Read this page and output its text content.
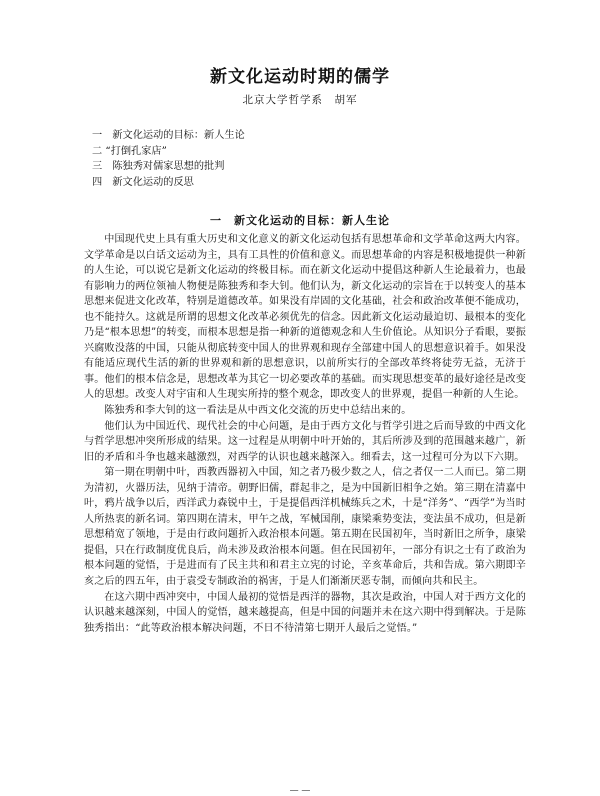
新文化运动时期的儒学
北京大学哲学系　胡军
一　新文化运动的目标：新人生论
二 “打倒孔家店”
三　陈独秀对儒家思想的批判
四　新文化运动的反思
一　新文化运动的目标：新人生论

中国现代史上具有重大历史和文化意义的新文化运动包括有思想革命和文学革命这两大内容。文学革命是以白话文运动为主，具有工具性的价值和意义。而思想革命的内容是积极地提供一种新的人生论，可以说它是新文化运动的终极目标。而在新文化运动中提倡这种新人生论最着力，也最有影响力的两位领袖人物便是陈独秀和李大钊。他们认为，新文化运动的宗旨在于以转变人的基本思想来促进文化改革，特别是道德改革。如果没有岸固的文化基础，社会和政治改革便不能成功，也不能持久。这就是所谓的思想文化改革必须优先的信念。因此新文化运动最迫切、最根本的变化乃是“根本思想”的转变，而根本思想是指一种新的道德观念和人生价值论。从知识分子看眼，要振兴腐败没落的中国，只能从彻底转变中国人的世界观和现存全部建中国人的思想意识着手。如果没有能适应现代生活的新的世界观和新的思想意识，以前所实行的全部改革终将徒劳无益，无济于事。他们的根本信念是，思想改革为其它一切必要改革的基础。而实现思想变革的最好途径是改变人的思想。改变人对宇宙和人生现实所持的整个观念，即改变人的世界观，提倡一种新的人生论。

陈独秀和李大钊的这一看法是从中西文化交流的历史中总结出来的。

他们认为中国近代、现代社会的中心问题，是由于西方文化与哲学引进之后而导致的中西文化与哲学思想冲突所形成的结果。这一过程是从明朝中叶开始的，其后所涉及到的范围越来越广，新旧的矛盾和斗争也越来越激烈，对西学的认识也越来越深入。细看去，这一过程可分为以下六期。

第一期在明朝中叶，西教西器初入中国，知之者乃极少数之人，信之者仅一二人而已。第二期为清初，火器历法，见纳于清帝。朝野旧儒，群起非之，是为中国新旧相争之始。第三期在清嘉中叶，鸦片战争以后，西洋武力森锐中土，于是提倡西洋机械练兵之术，十是“洋务”、“西学”为当时人所热衷的新名词。第四期在清末，甲午之战，军械国削，康梁乘势变法，变法虽不成功，但是新思想稍宽了领地，于是由行政问题折入政治根本问题。第五期在民国初年，当时新旧之所争，康梁提倡，只在行政制度优良后，尚未涉及政治根本问题。但在民国初年，一部分有识之士有了政治为根本问题的觉悟，于是进而有了民主共和和君主立宪的讨论，辛亥革命后，共和告成。第六期即辛亥之后的四五年，由于袁受专制政治的祸害，于是人们渐渐厌恶专制，而倾向共和民主。

在这六期中西冲突中，中国人最初的觉悟是西洋的器物，其次是政治，中国人对于西方文化的认识越来越深刻，中国人的觉悟，越来越提高，但是中国的问题并未在这六期中得到解决。于是陈独秀指出：“此等政治根本解决问题，不日不待清第七期开人最后之觉悟。”

— —
